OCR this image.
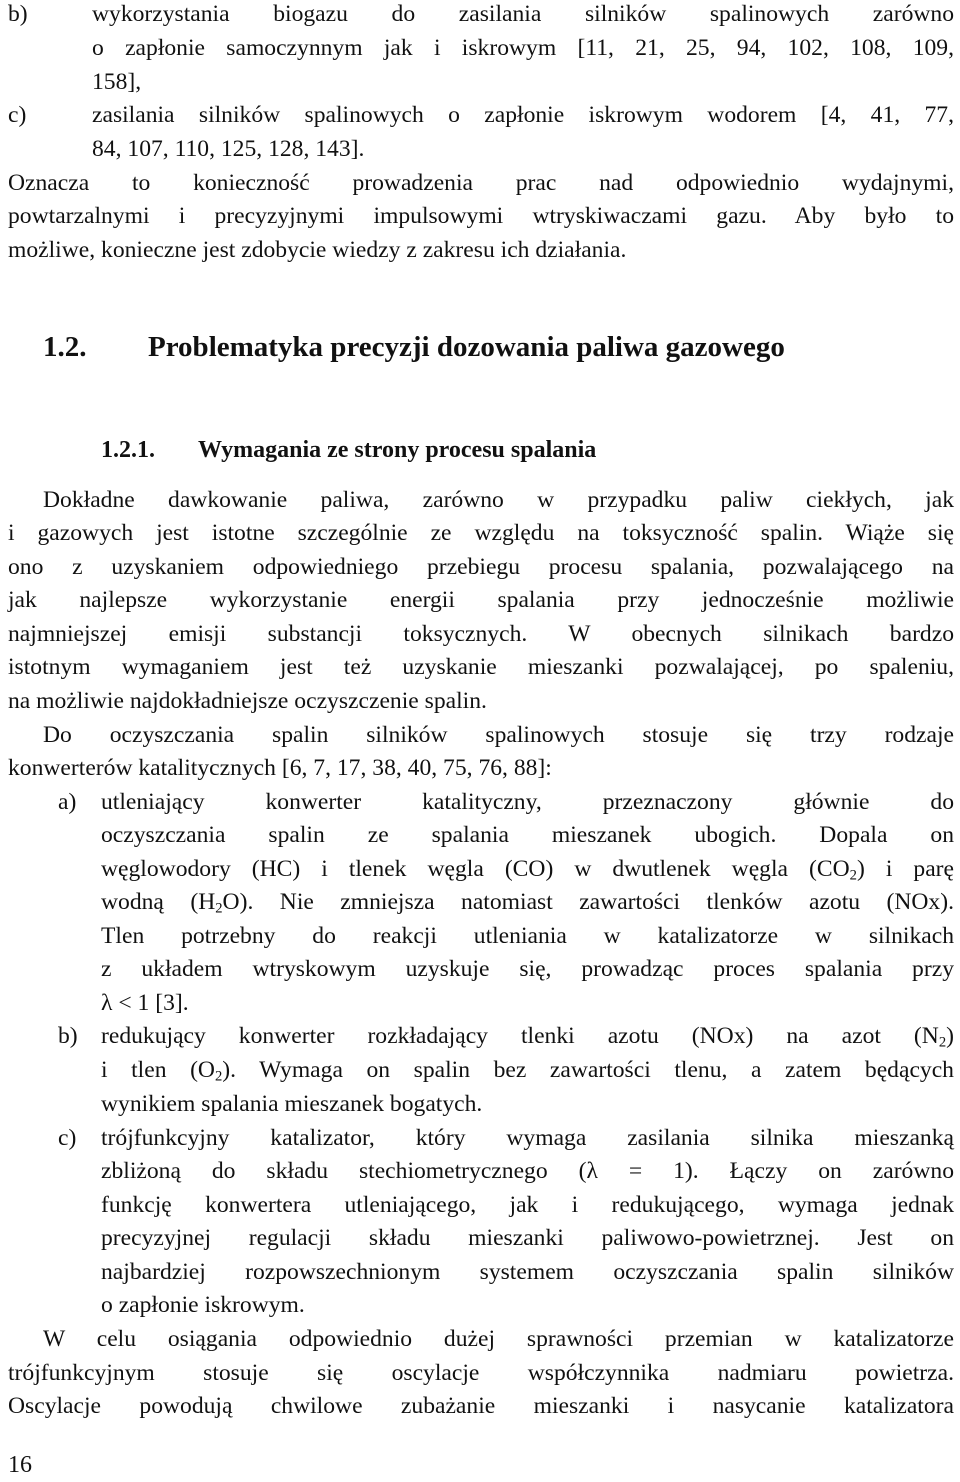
b)	wykorzystania biogazu do zasilania silników spalinowych zarówno
o zapłonie samoczynnym jak i iskrowym [11, 21, 25, 94, 102, 108, 109,
158],
c)	zasilania silników spalinowych o zapłonie iskrowym wodorem [4, 41, 77,
84, 107, 110, 125, 128, 143].
Oznacza to konieczność prowadzenia prac nad odpowiednio wydajnymi,
powtarzalnymi i precyzyjnymi impulsowymi wtryskiwaczami gazu. Aby było to
możliwe, konieczne jest zdobycie wiedzy z zakresu ich działania.
1.2. Problematyka precyzji dozowania paliwa gazowego
1.2.1. Wymagania ze strony procesu spalania
Dokładne dawkowanie paliwa, zarówno w przypadku paliw ciekłych, jak
i gazowych jest istotne szczególnie ze względu na toksyczność spalin. Wiąże się
ono z uzyskaniem odpowiedniego przebiegu procesu spalania, pozwalającego na
jak najlepsze wykorzystanie energii spalania przy jednocześnie możliwie
najmniejszej emisji substancji toksycznych. W obecnych silnikach bardzo
istotnym wymaganiem jest też uzyskanie mieszanki pozwalającej, po spaleniu,
na możliwie najdokładniejsze oczyszczenie spalin.
Do oczyszczania spalin silników spalinowych stosuje się trzy rodzaje
konwerterów katalitycznych [6, 7, 17, 38, 40, 75, 76, 88]:
a) utleniający konwerter katalityczny, przeznaczony głównie do
oczyszczania spalin ze spalania mieszanek ubogich. Dopala on
węglowodory (HC) i tlenek węgla (CO) w dwutlenek węgla $(CO_2)$ i parę
wodną $(H_2O)$. Nie zmniejsza natomiast zawartości tlenków azotu (NOx).
Tlen potrzebny do reakcji utleniania w katalizatorze w silnikach
z układem wtryskowym uzyskuje się, prowadząc proces spalania przy
λ < 1 [3].
b) redukujący konwerter rozkładający tlenki azotu (NOx) na azot $(N_2)$
i tlen $(O_2)$. Wymaga on spalin bez zawartości tlenu, a zatem będących
wynikiem spalania mieszanek bogatych.
c) trójfunkcyjny katalizator, który wymaga zasilania silnika mieszanką
zbliżoną do składu stechiometrycznego (λ = 1). Łączy on zarówno
funkcję konwertera utleniającego, jak i redukującego, wymaga jednak
precyzyjnej regulacji składu mieszanki paliwowo-powietrznej. Jest on
najbardziej rozpowszechnionym systemem oczyszczania spalin silników
o zapłonie iskrowym.
W celu osiągania odpowiednio dużej sprawności przemian w katalizatorze
trójfunkcyjnym stosuje się oscylacje współczynnika nadmiaru powietrza.
Oscylacje powodują chwilowe zubażanie mieszanki i nasycanie katalizatora
16
